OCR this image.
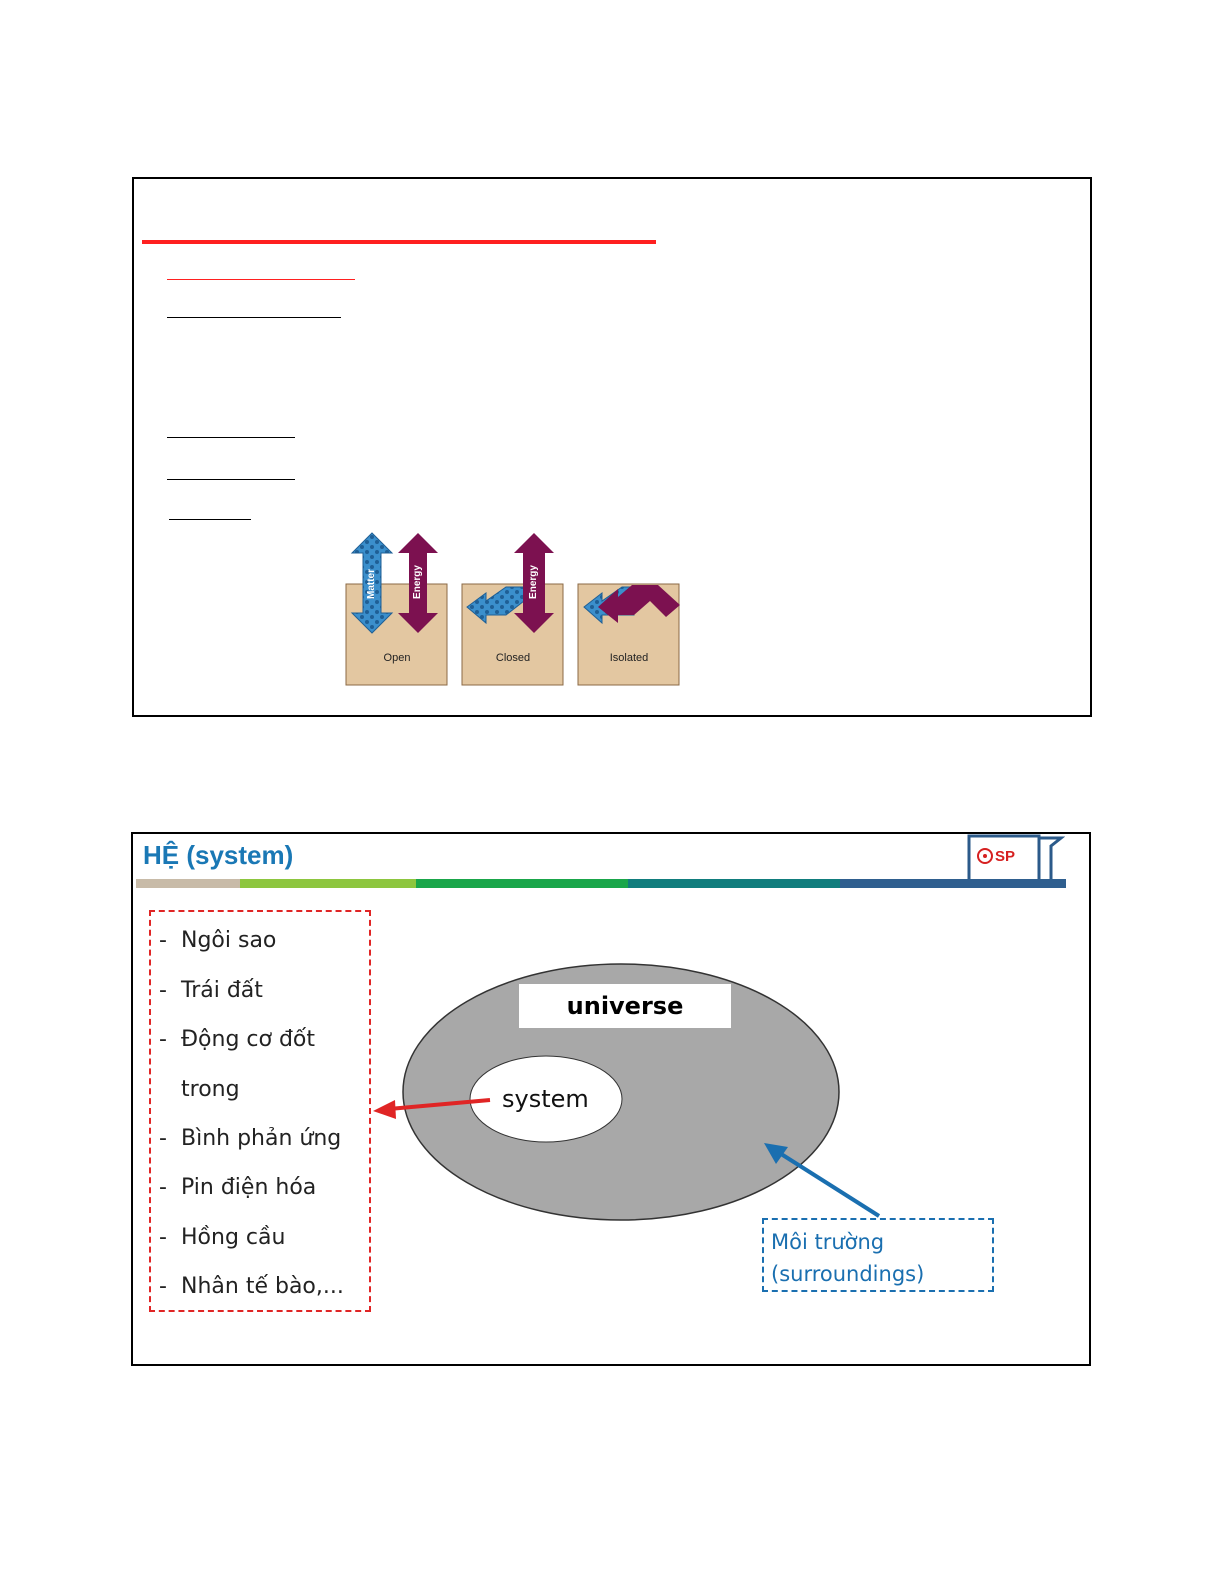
Matter	Energy	Energy
Open	Closed	Isolated
HỆ (system)	SP
- Ngôi sao
- Trái đất
- Động cơ đốt
trong
- Bình phản ứng
- Pin điện hóa
- Hồng cầu
- Nhân tế bào,...
universe
system
Môi trường
(surroundings)
